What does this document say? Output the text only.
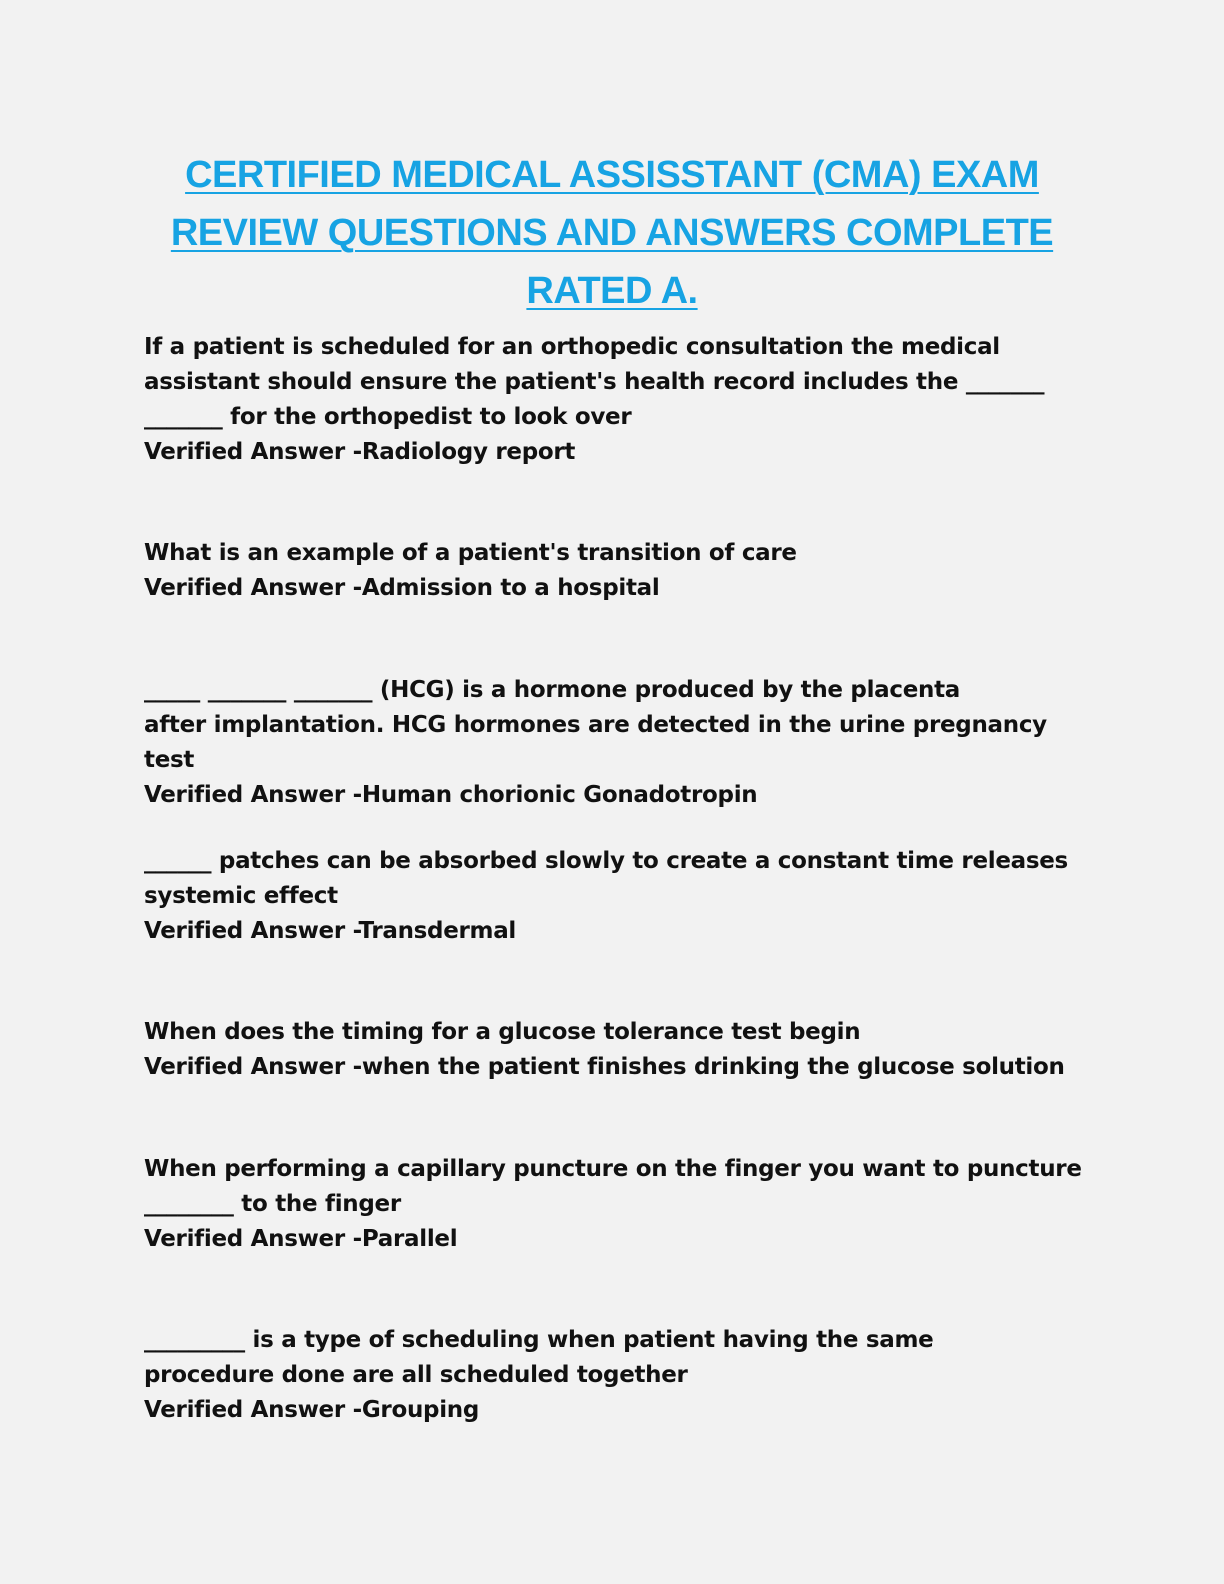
CERTIFIED MEDICAL ASSISSTANT (CMA) EXAM
REVIEW QUESTIONS AND ANSWERS COMPLETE
RATED A.

If a patient is scheduled for an orthopedic consultation the medical

assistant should ensure the patient's health record includes the _______

_______ for the orthopedist to look over

Verified Answer -Radiology report

What is an example of a patient's transition of care

Verified Answer -Admission to a hospital

_____ _______ _______ (HCG) is a hormone produced by the placenta

after implantation. HCG hormones are detected in the urine pregnancy test

Verified Answer -Human chorionic Gonadotropin

______ patches can be absorbed slowly to create a constant time releases

systemic effect

Verified Answer -Transdermal

When does the timing for a glucose tolerance test begin

Verified Answer -when the patient finishes drinking the glucose solution

When performing a capillary puncture on the finger you want to puncture

________ to the finger

Verified Answer -Parallel

_________ is a type of scheduling when patient having the same

procedure done are all scheduled together

Verified Answer -Grouping
